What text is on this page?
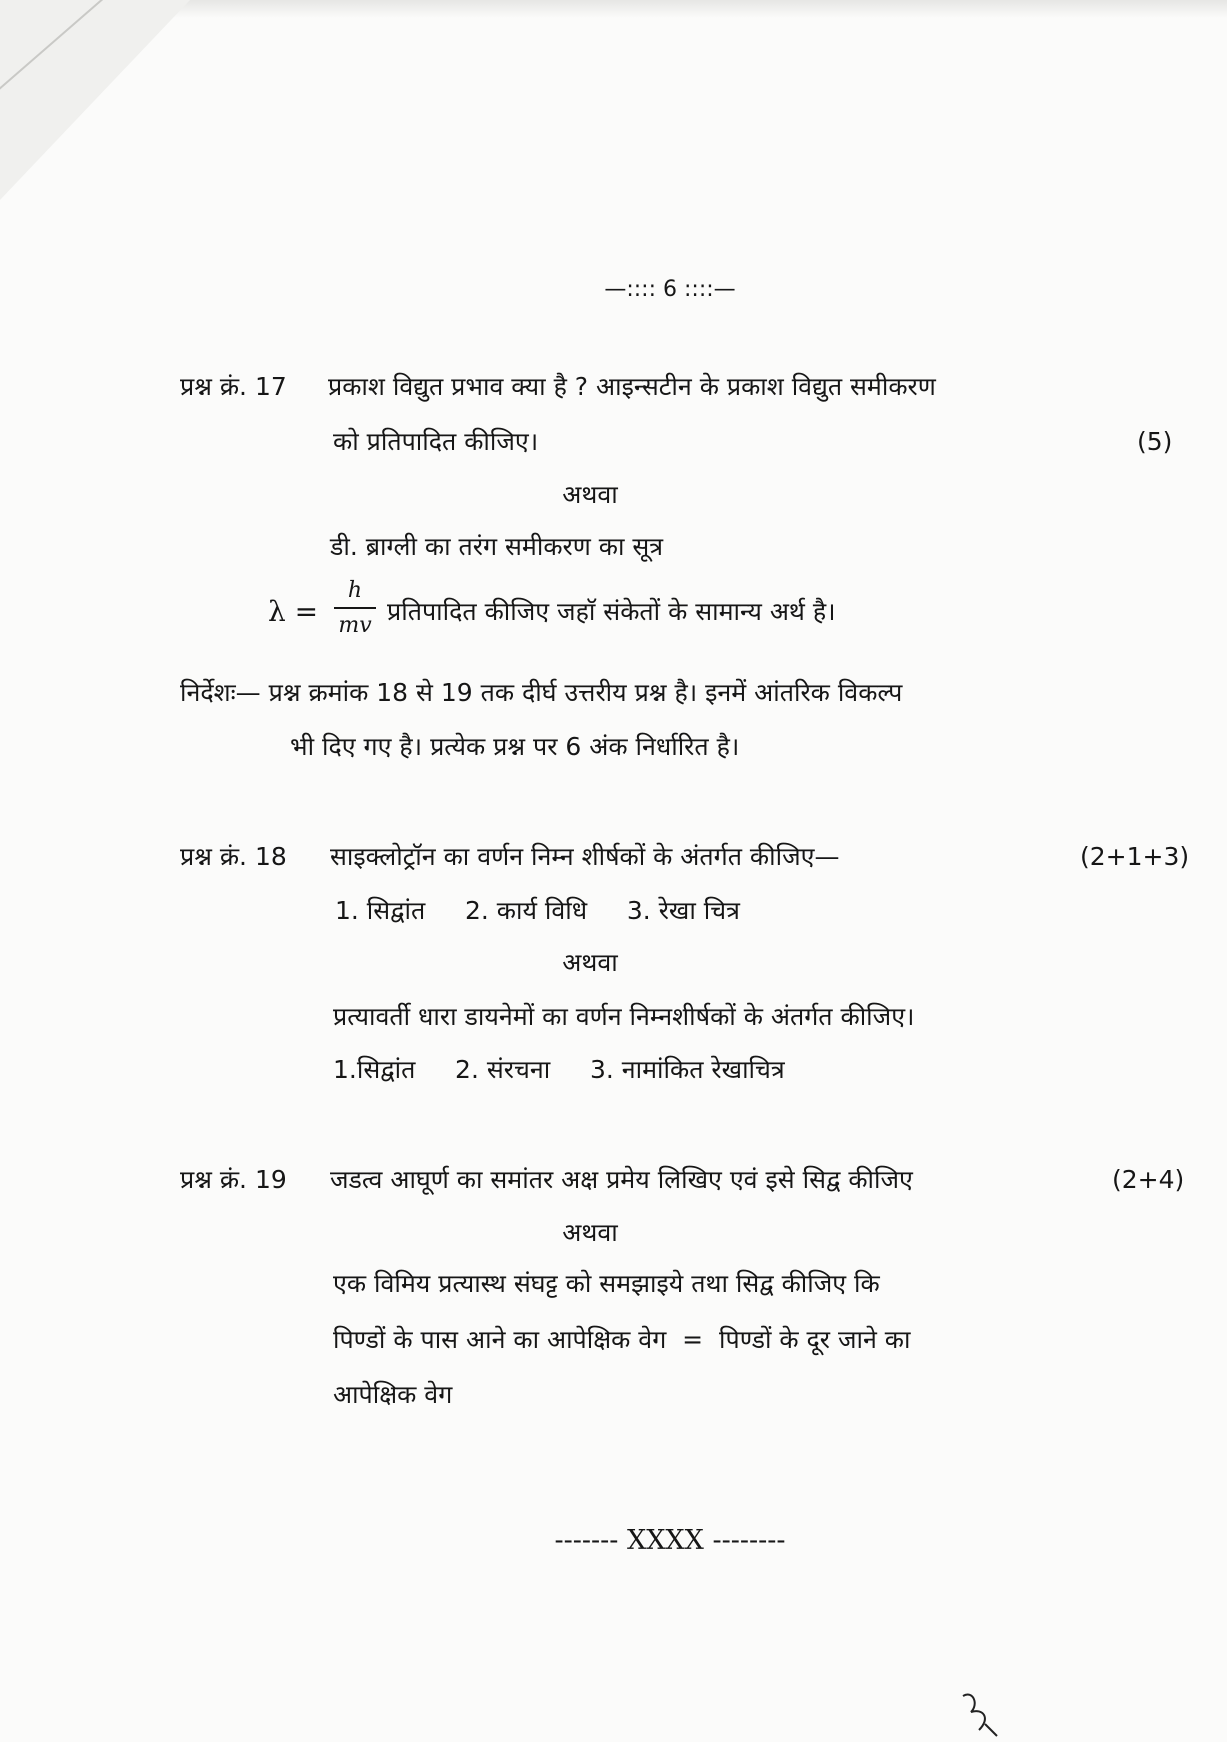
—:::: 6 ::::—
प्रश्न क्रं. 17 प्रकाश विद्युत प्रभाव क्या है ? आइन्सटीन के प्रकाश विद्युत समीकरण
को प्रतिपादित कीजिए।	(5)
अथवा
डी. ब्राग्ली का तरंग समीकरण का सूत्र
λ =
h
mv प्रतिपादित कीजिए जहाॅ संकेतों के सामान्य अर्थ है।
निर्देशः— प्रश्न क्रमांक 18 से 19 तक दीर्घ उत्तरीय प्रश्न है। इनमें आंतरिक विकल्प
भी दिए गए है। प्रत्येक प्रश्न पर 6 अंक निर्धारित है।
प्रश्न क्रं. 18 साइक्लोट्रॉन का वर्णन निम्न शीर्षकों के अंतर्गत कीजिए—	(2+1+3)
1. सिद्वांत     2. कार्य विधि     3. रेखा चित्र
अथवा
प्रत्यावर्ती धारा डायनेमों का वर्णन निम्नशीर्षकों के अंतर्गत कीजिए।
1.सिद्वांत     2. संरचना     3. नामांकित रेखाचित्र
प्रश्न क्रं. 19 जडत्व आघूर्ण का समांतर अक्ष प्रमेय लिखिए एवं इसे सिद्व कीजिए	(2+4)
अथवा
एक विमिय प्रत्यास्थ संघट्ट को समझाइये तथा सिद्व कीजिए कि
पिण्डों के पास आने का आपेक्षिक वेग  =  पिण्डों के दूर जाने का
आपेक्षिक वेग
------- XXXX --------
